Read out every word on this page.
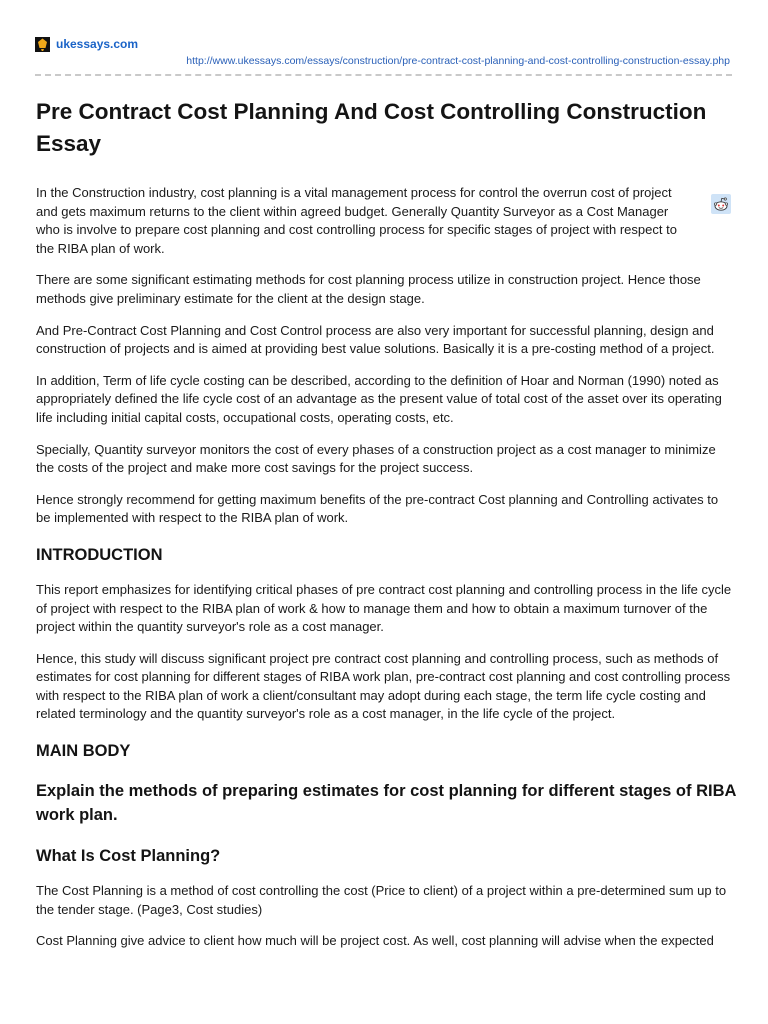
ukessays.com
http://www.ukessays.com/essays/construction/pre-contract-cost-planning-and-cost-controlling-construction-essay.php
Pre Contract Cost Planning And Cost Controlling Construction
Essay

In the Construction industry, cost planning is a vital management process for control the overrun cost of project and gets maximum returns to the client within agreed budget. Generally Quantity Surveyor as a Cost Manager who is involve to prepare cost planning and cost controlling process for specific stages of project with respect to the RIBA plan of work.

There are some significant estimating methods for cost planning process utilize in construction project. Hence those methods give preliminary estimate for the client at the design stage.

And Pre-Contract Cost Planning and Cost Control process are also very important for successful planning, design and construction of projects and is aimed at providing best value solutions. Basically it is a pre-costing method of a project.

In addition, Term of life cycle costing can be described, according to the definition of Hoar and Norman (1990) noted as appropriately defined the life cycle cost of an advantage as the present value of total cost of the asset over its operating life including initial capital costs, occupational costs, operating costs, etc.

Specially, Quantity surveyor monitors the cost of every phases of a construction project as a cost manager to minimize the costs of the project and make more cost savings for the project success.

Hence strongly recommend for getting maximum benefits of the pre-contract Cost planning and Controlling activates to be implemented with respect to the RIBA plan of work.

INTRODUCTION

This report emphasizes for identifying critical phases of pre contract cost planning and controlling process in the life cycle of project with respect to the RIBA plan of work & how to manage them and how to obtain a maximum turnover of the project within the quantity surveyor's role as a cost manager.

Hence, this study will discuss significant project pre contract cost planning and controlling process, such as methods of estimates for cost planning for different stages of RIBA work plan, pre-contract cost planning and cost controlling process with respect to the RIBA plan of work a client/consultant may adopt during each stage, the term life cycle costing and related terminology and the quantity surveyor's role as a cost manager, in the life cycle of the project.

MAIN BODY
Explain the methods of preparing estimates for cost planning for different stages of RIBA work plan.
What Is Cost Planning?

The Cost Planning is a method of cost controlling the cost (Price to client) of a project within a pre-determined sum up to the tender stage. (Page3, Cost studies)

Cost Planning give advice to client how much will be project cost. As well, cost planning will advise when the expected
